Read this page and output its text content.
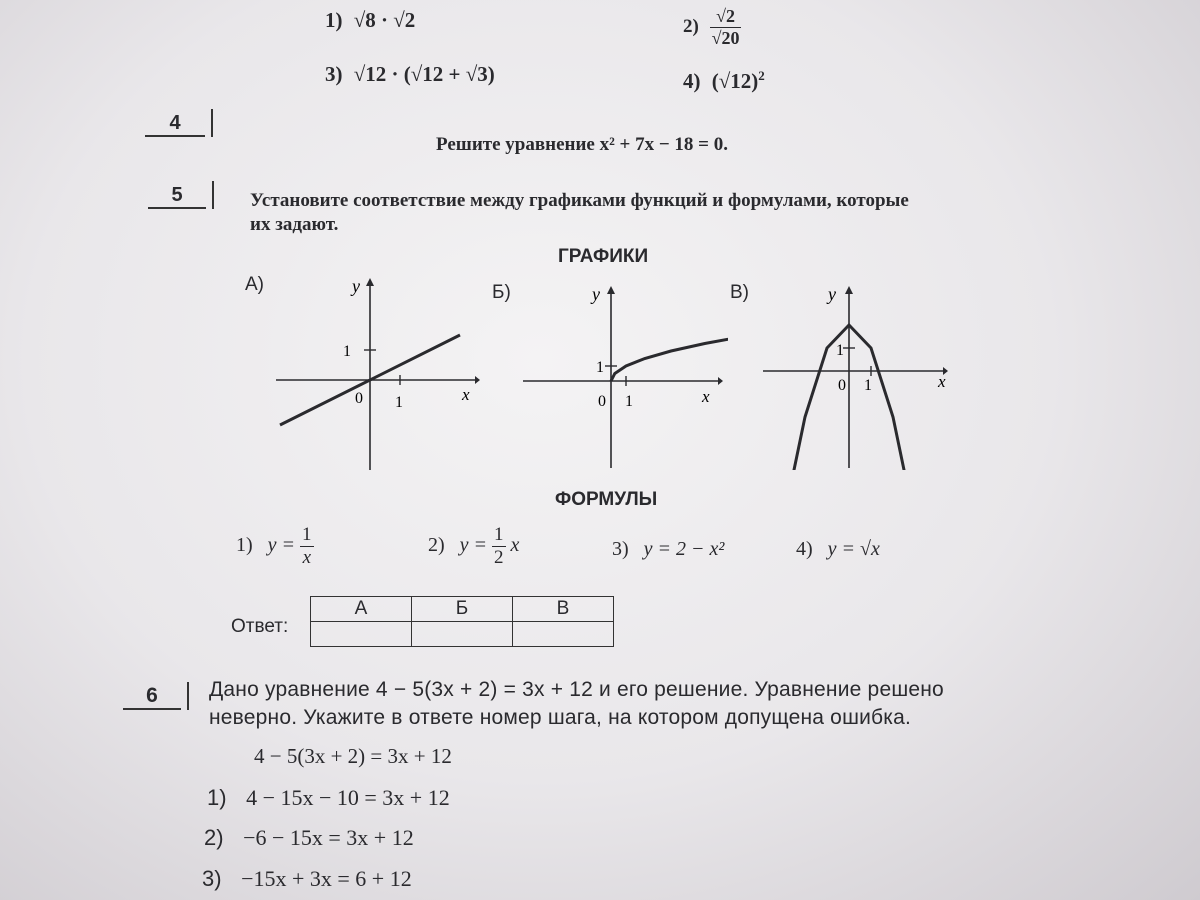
1) √8 · √2	$2) \frac{√2}{√20}$
3) √12 · (√12 + √3)	4) $(√12)^2$
4
Решите уравнение x² + 7x − 18 = 0.
5	Установите соответствие между графиками функций и формулами, которые
их задают.
ГРАФИКИ
А)	Б)	В)
y
x
1
0 1
y
x
1
0 1
y
x
1
0 1
ФОРМУЛЫ
1) $y = \frac{1}{x}$	2) $y = \frac{1}{2}$ x	3) y = 2 − x²	4) y = √x
Ответ:
А	Б	В

6	Дано уравнение 4 − 5(3x + 2) = 3x + 12 и его решение. Уравнение решено
неверно. Укажите в ответе номер шага, на котором допущена ошибка.
4 − 5(3x + 2) = 3x + 12
1) 4 − 15x − 10 = 3x + 12
2) −6 − 15x = 3x + 12
3) −15x + 3x = 6 + 12
